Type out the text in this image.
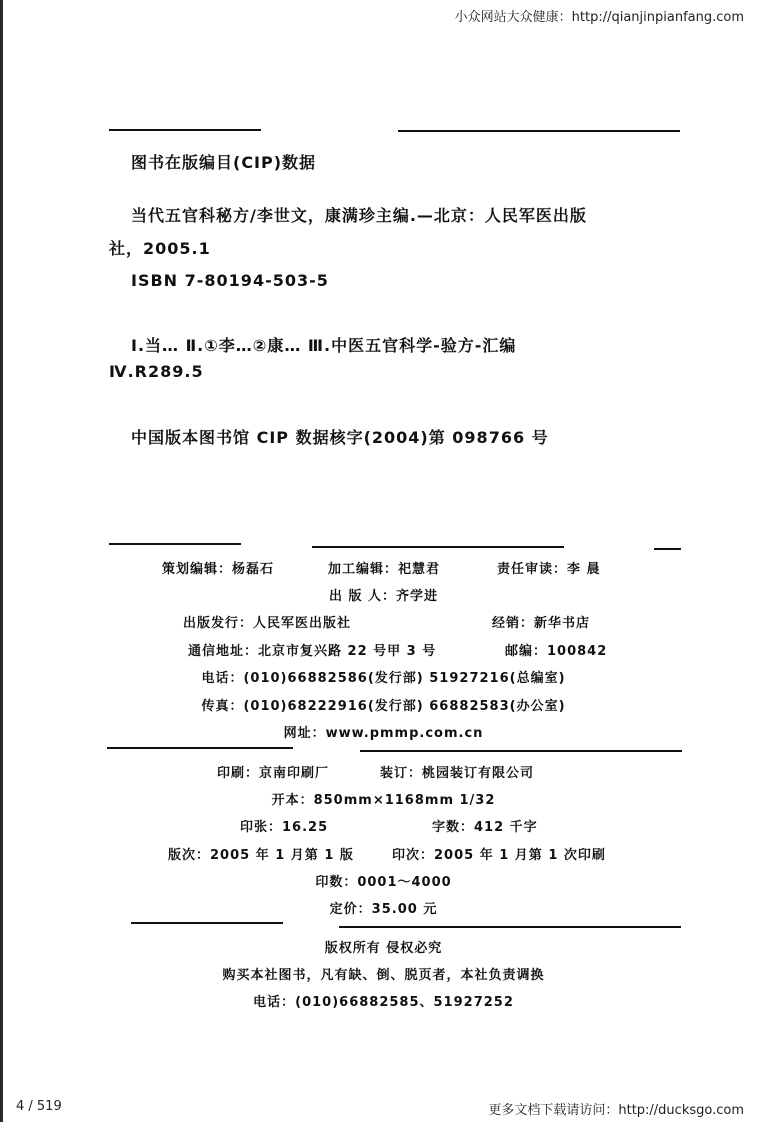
小众网站大众健康：http://qianjinpianfang.com
图书在版编目(CIP)数据
当代五官科秘方/李世文，康满珍主编.—北京：人民军医出版
社，2005.1
ISBN 7-80194-503-5
Ⅰ.当… Ⅱ.①李…②康… Ⅲ.中医五官科学-验方-汇编
Ⅳ.R289.5
中国版本图书馆 CIP 数据核字(2004)第 098766 号
策划编辑：杨磊石	加工编辑：祀慧君	责任审读：李 晨
出 版 人：齐学进
出版发行：人民军医出版社	经销：新华书店
通信地址：北京市复兴路 22 号甲 3 号	邮编：100842
电话：(010)66882586(发行部) 51927216(总编室)
传真：(010)68222916(发行部) 66882583(办公室)
网址：www.pmmp.com.cn
印刷：京南印刷厂	装订：桃园装订有限公司
开本：850mm×1168mm 1/32
印张：16.25	字数：412 千字
版次：2005 年 1 月第 1 版	印次：2005 年 1 月第 1 次印刷
印数：0001～4000
定价：35.00 元
版权所有 侵权必究
购买本社图书，凡有缺、倒、脱页者，本社负责调换
电话：(010)66882585、51927252
4 / 519	更多文档下载请访问：http://ducksgo.com
